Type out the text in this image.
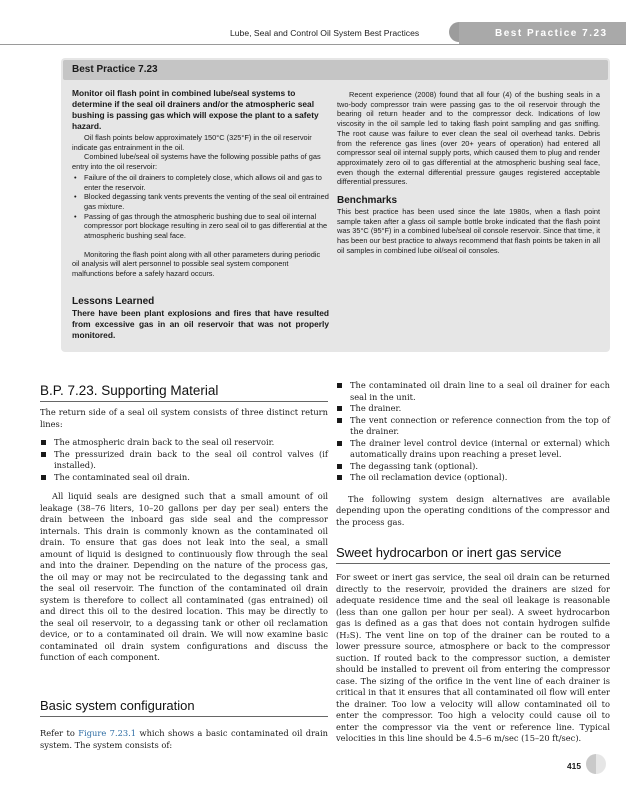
Lube, Seal and Control Oil System Best Practices	Best Practice 7.23
Best Practice 7.23

Monitor oil flash point in combined lube/seal systems to determine if the seal oil drainers and/or the atmospheric seal bushing is passing gas which will expose the plant to a safety hazard.

Oil flash points below approximately 150°C (325°F) in the oil reservoir indicate gas entrainment in the oil.

Combined lube/seal oil systems have the following possible paths of gas entry into the oil reservoir:

• Failure of the oil drainers to completely close, which allows oil and gas to enter the reservoir.
• Blocked degassing tank vents prevents the venting of the seal oil entrained gas mixture.
• Passing of gas through the atmospheric bushing due to seal oil internal compressor port blockage resulting in zero seal oil to gas differential at the atmospheric bushing seal face.

Monitoring the flash point along with all other parameters during periodic oil analysis will alert personnel to possible seal system component malfunctions before a safely hazard occurs.

Lessons Learned

There have been plant explosions and fires that have resulted from excessive gas in an oil reservoir that was not properly monitored.

Recent experience (2008) found that all four (4) of the bushing seals in a two-body compressor train were passing gas to the oil reservoir through the bearing oil return header and to the compressor deck. Indications of low viscosity in the oil sample led to taking flash point sampling and gas sniffing. The root cause was failure to ever clean the seal oil overhead tanks. Debris from the reference gas lines (over 20+ years of operation) had entered all compressor seal oil internal supply ports, which caused them to plug and render approximately zero oil to gas differential at the atmospheric bushing seal face, even though the external differential pressure gauges registered acceptable differential pressures.

Benchmarks

This best practice has been used since the late 1980s, when a flash point sample taken after a glass oil sample bottle broke indicated that the flash point was 35°C (95°F) in a combined lube/seal oil console reservoir. Since that time, it has been our best practice to always recommend that flash points be taken in all oil samples in combined lube oil/seal oil consoles.

B.P. 7.23. Supporting Material

The return side of a seal oil system consists of three distinct return lines:

The atmospheric drain back to the seal oil reservoir.
The pressurized drain back to the seal oil control valves (if installed).
The contaminated seal oil drain.

All liquid seals are designed such that a small amount of oil leakage (38–76 liters, 10–20 gallons per day per seal) enters the drain between the inboard gas side seal and the compressor internals. This drain is commonly known as the contaminated oil drain. To ensure that gas does not leak into the seal, a small amount of liquid is designed to continuously flow through the seal and into the drainer. Depending on the nature of the process gas, the oil may or may not be recirculated to the degassing tank and the seal oil reservoir. The function of the contaminated oil drain system is therefore to collect all contaminated (gas entrained) oil and direct this oil to the desired location. This may be directly to the seal oil reservoir, to a degassing tank or other oil reclamation device, or to a contaminated oil drain. We will now examine basic contaminated oil drain system configurations and discuss the function of each component.

Basic system configuration

Refer to Figure 7.23.1 which shows a basic contaminated oil drain system. The system consists of:

The contaminated oil drain line to a seal oil drainer for each seal in the unit.
The drainer.
The vent connection or reference connection from the top of the drainer.
The drainer level control device (internal or external) which automatically drains upon reaching a preset level.
The degassing tank (optional).
The oil reclamation device (optional).

The following system design alternatives are available depending upon the operating conditions of the compressor and the process gas.

Sweet hydrocarbon or inert gas service

For sweet or inert gas service, the seal oil drain can be returned directly to the reservoir, provided the drainers are sized for adequate residence time and the seal oil leakage is reasonable (less than one gallon per hour per seal). A sweet hydrocarbon gas is defined as a gas that does not contain hydrogen sulfide (H₂S). The vent line on top of the drainer can be routed to a lower pressure source, atmosphere or back to the compressor suction. If routed back to the compressor suction, a demister should be installed to prevent oil from entering the compressor case. The sizing of the orifice in the vent line of each drainer is critical in that it ensures that all contaminated oil flow will enter the drainer. Too low a velocity will allow contaminated oil to enter the compressor. Too high a velocity could cause oil to enter the compressor via the vent or reference line. Typical velocities in this line should be 4.5–6 m/sec (15–20 ft/sec).

415
